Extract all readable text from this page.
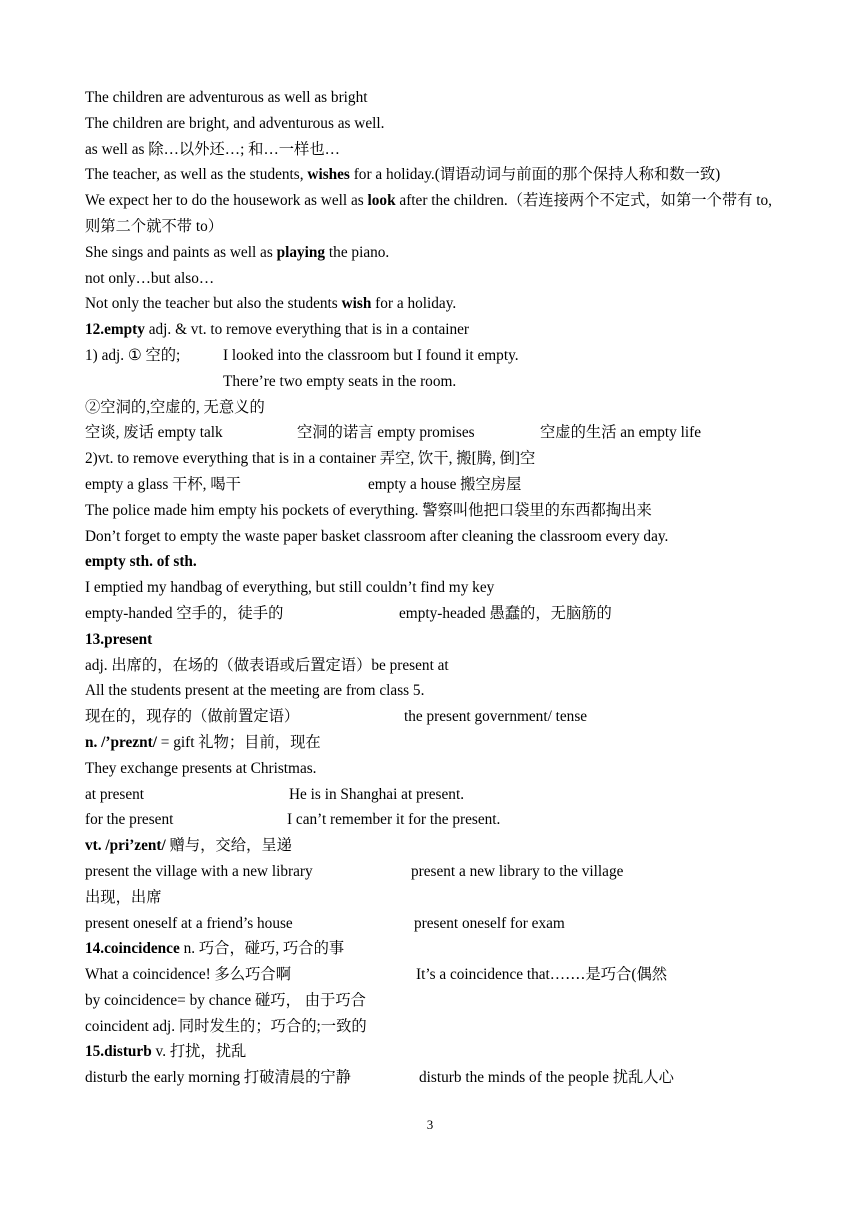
The children are adventurous as well as bright
The children are bright, and adventurous as well.
as well as 除…以外还…; 和…一样也…
The teacher, as well as the students, wishes for a holiday.(谓语动词与前面的那个保持人称和数一致)
We expect her to do the housework as well as look after the children.（若连接两个不定式，如第一个带有 to,则第二个就不带 to）
She sings and paints as well as playing the piano.
not only…but also…
Not only the teacher but also the students wish for a holiday.
12.empty adj. & vt. to remove everything that is in a container
1) adj. ① 空的;	I looked into the classroom but I found it empty.
There’re two empty seats in the room.
②空洞的,空虚的, 无意义的
空谈, 废话 empty talk	空洞的诺言 empty promises	空虚的生活 an empty life
2)vt. to remove everything that is in a container 弄空, 饮干, 搬[腾, 倒]空
empty a glass 干杯, 喝干	empty a house 搬空房屋
The police made him empty his pockets of everything. 警察叫他把口袋里的东西都掏出来
Don’t forget to empty the waste paper basket classroom after cleaning the classroom every day.
empty sth. of sth.
I emptied my handbag of everything, but still couldn’t find my key
empty-handed 空手的，徒手的	empty-headed 愚蠢的，无脑筋的
13.present
adj. 出席的，在场的（做表语或后置定语）be present at
All the students present at the meeting are from class 5.
现在的，现存的（做前置定语）	the present government/ tense
n. /’preznt/ = gift 礼物；目前，现在
They exchange presents at Christmas.
at present	He is in Shanghai at present.
for the present	I can’t remember it for the present.
vt. /pri’zent/ 赠与，交给，呈递
present the village with a new library	present a new library to the village
出现，出席
present oneself at a friend’s house	present oneself for exam
14.coincidence n. 巧合，碰巧, 巧合的事
What a coincidence! 多么巧合啊	It’s a coincidence that…‥‥是巧合(偶然
by coincidence= by chance 碰巧， 由于巧合
coincident adj. 同时发生的；巧合的;一致的
15.disturb v. 打扰，扰乱
disturb the early morning 打破清晨的宁静	disturb the minds of the people 扰乱人心
3
